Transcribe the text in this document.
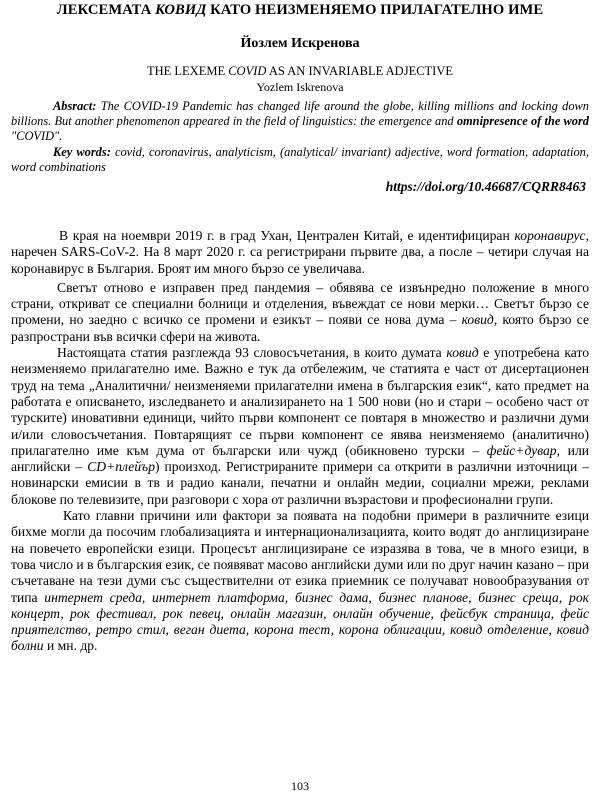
ЛЕКСЕМАТА КОВИД КАТО НЕИЗМЕНЯЕМО ПРИЛАГАТЕЛНО ИМЕ
Йозлем Искренова
THE LEXEME COVID AS AN INVARIABLE ADJECTIVE
Yozlem Iskrenova

Absract: The COVID-19 Pandemic has changed life around the globe, killing millions and locking down billions. But another phenomenon appeared in the field of linguistics: the emergence and omnipresence of the word "COVID".

Key words: covid, coronavirus, analyticism, (analytical/ invariant) adjective, word formation, adaptation, word combinations

https://doi.org/10.46687/CQRR8463

В края на ноември 2019 г. в град Ухан, Централен Китай, е идентифициран коронавирус, наречен SARS-CoV-2. На 8 март 2020 г. са регистрирани първите два, а после – четири случая на коронавирус в България. Броят им много бързо се увеличава.

Светът отново е изправен пред пандемия – обявява се извънредно положение в много страни, откриват се специални болници и отделения, въвеждат се нови мерки… Светът бързо се промени, но заедно с всичко се промени и езикът – появи се нова дума – ковид, която бързо се разпространи във всички сфери на живота.

Настоящата статия разглежда 93 словосъчетания, в които думата ковид е употребена като неизменяемо прилагателно име. Важно е тук да отбележим, че статията е част от дисертационен труд на тема „Аналитични/ неизменяеми прилагателни имена в българския език“, като предмет на работата е описването, изследването и анализирането на 1 500 нови (но и стари – особено част от турските) иновативни единици, чийто първи компонент се повтаря в множество и различни думи и/или словосъчетания. Повтарящият се първи компонент се явява неизменяемо (аналитично) прилагателно име към дума от български или чужд (обикновено турски – фейс+дувар, или английски – CD+плейър) произход. Регистрираните примери са открити в различни източници – новинарски емисии в тв и радио канали, печатни и онлайн медии, социални мрежи, реклами блокове по телевизите, при разговори с хора от различни възрастови и професионални групи.

Като главни причини или фактори за появата на подобни примери в различните езици бихме могли да посочим глобализацията и интернационализацията, които водят до англицизиране на повечето европейски езици. Процесът англицизиране се изразява в това, че в много езици, в това число и в българския език, се появяват масово английски думи или по друг начин казано – при съчетаване на тези думи със съществителни от езика приемник се получават новообразувания от типа интернет среда, интернет платформа, бизнес дама, бизнес планове, бизнес среща, рок концерт, рок фестивал, рок певец, онлайн магазин, онлайн обучение, фейсбук страница, фейс приятелство, ретро стил, веган диета, корона тест, корона облигации, ковид отделение, ковид болни и мн. др.

103
